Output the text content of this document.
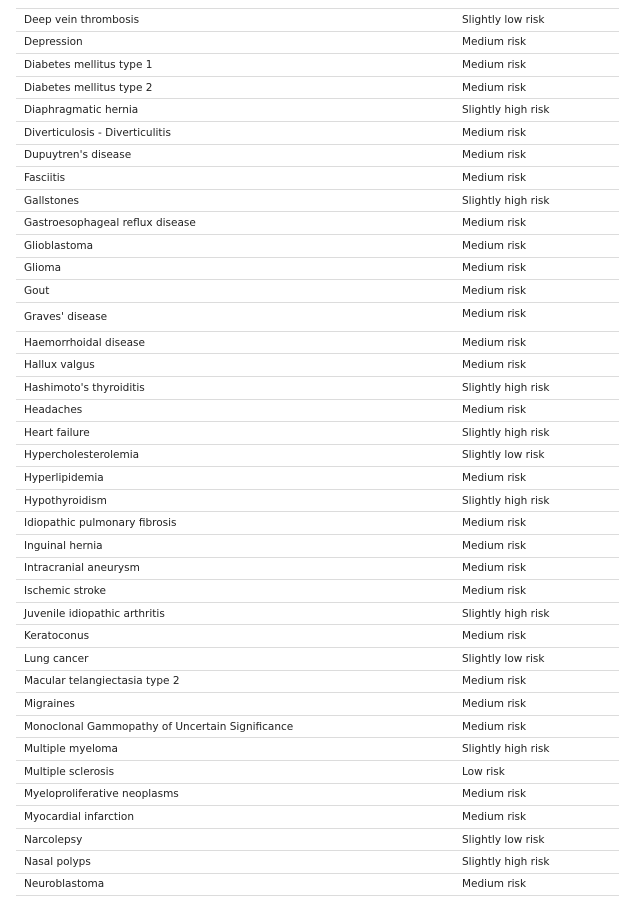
Deep vein thrombosis	Slightly low risk
Depression	Medium risk
Diabetes mellitus type 1	Medium risk
Diabetes mellitus type 2	Medium risk
Diaphragmatic hernia	Slightly high risk
Diverticulosis - Diverticulitis	Medium risk
Dupuytren's disease	Medium risk
Fasciitis	Medium risk
Gallstones	Slightly high risk
Gastroesophageal reflux disease	Medium risk
Glioblastoma	Medium risk
Glioma	Medium risk
Gout	Medium risk
Graves' disease	Medium risk
Haemorrhoidal disease	Medium risk
Hallux valgus	Medium risk
Hashimoto's thyroiditis	Slightly high risk
Headaches	Medium risk
Heart failure	Slightly high risk
Hypercholesterolemia	Slightly low risk
Hyperlipidemia	Medium risk
Hypothyroidism	Slightly high risk
Idiopathic pulmonary fibrosis	Medium risk
Inguinal hernia	Medium risk
Intracranial aneurysm	Medium risk
Ischemic stroke	Medium risk
Juvenile idiopathic arthritis	Slightly high risk
Keratoconus	Medium risk
Lung cancer	Slightly low risk
Macular telangiectasia type 2	Medium risk
Migraines	Medium risk
Monoclonal Gammopathy of Uncertain Significance	Medium risk
Multiple myeloma	Slightly high risk
Multiple sclerosis	Low risk
Myeloproliferative neoplasms	Medium risk
Myocardial infarction	Medium risk
Narcolepsy	Slightly low risk
Nasal polyps	Slightly high risk
Neuroblastoma	Medium risk
